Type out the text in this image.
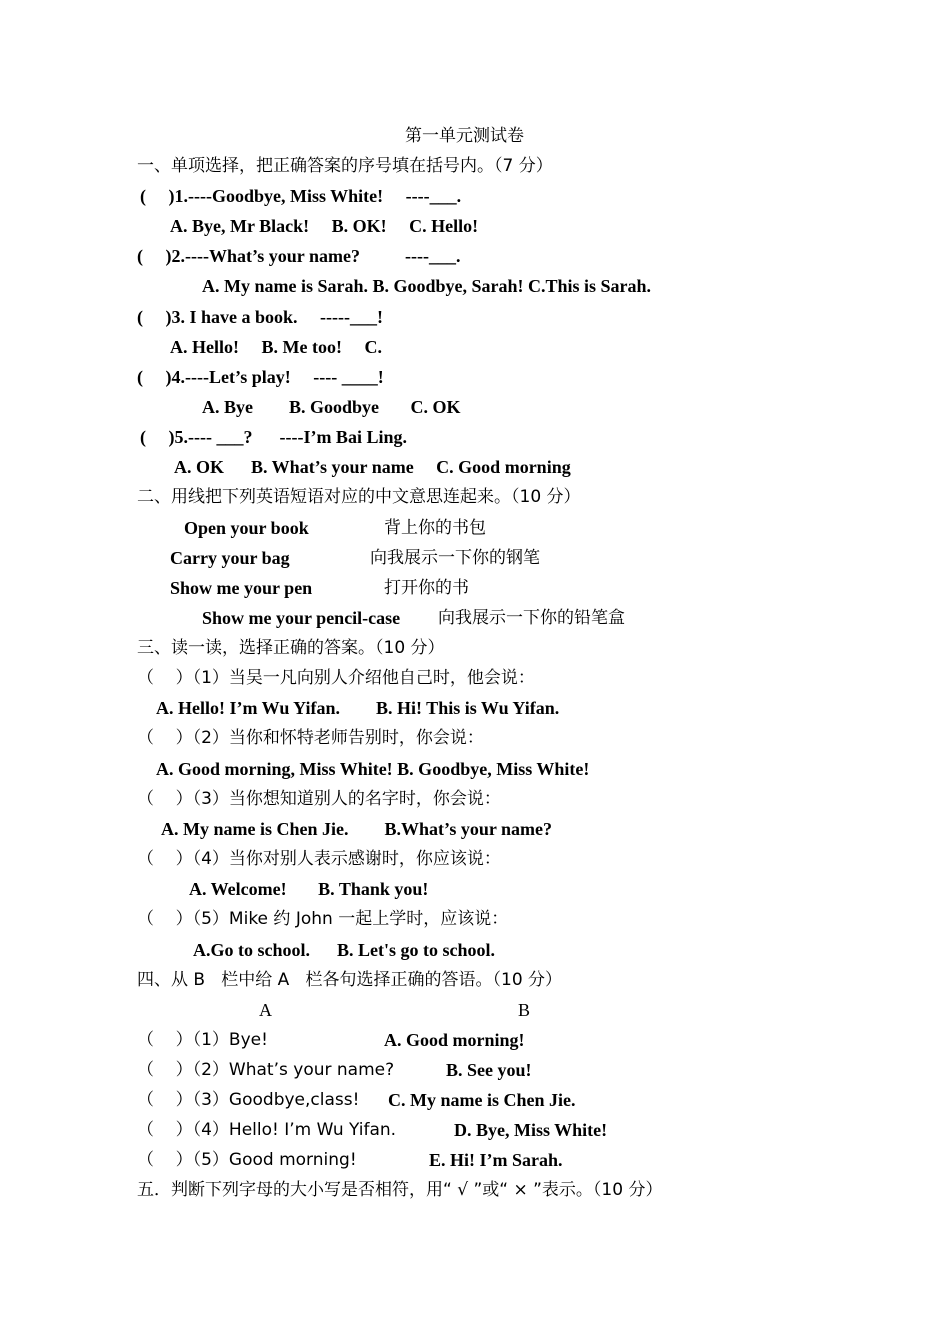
第一单元测试卷
一、单项选择，把正确答案的序号填在括号内。（7 分）
(     )1.----Goodbye, Miss White!     ----___.
A. Bye, Mr Black!     B. OK!     C. Hello!
(     )2.----What’s your name?          ----___.
A. My name is Sarah. B. Goodbye, Sarah! C.This is Sarah.
(     )3. I have a book.     -----___!
A. Hello!     B. Me too!     C.
(     )4.----Let’s play!     ---- ____!
A. Bye        B. Goodbye       C. OK
(     )5.---- ___?      ----I’m Bai Ling.
A. OK      B. What’s your name     C. Good morning
二、用线把下列英语短语对应的中文意思连起来。（10 分）
Open your book	背上你的书包
Carry your bag	向我展示一下你的钢笔
Show me your pen	打开你的书
Show me your pencil-case 向我展示一下你的铅笔盒
三、读一读，选择正确的答案。（10 分）
（    ）（1）当吴一凡向别人介绍他自己时，他会说：
A. Hello! I’m Wu Yifan.        B. Hi! This is Wu Yifan.
（    ）（2）当你和怀特老师告别时，你会说：
A. Good morning, Miss White! B. Goodbye, Miss White!
（    ）（3）当你想知道别人的名字时，你会说：
A. My name is Chen Jie.        B.What’s your name?
（    ）（4）当你对别人表示感谢时，你应该说：
A. Welcome!       B. Thank you!
（    ）（5）Mike 约 John 一起上学时，应该说：
A.Go to school.      B. Let's go to school.
四、从 B   栏中给 A   栏各句选择正确的答语。（10 分）
A	B
（    ）（1）Bye!	A. Good morning!
（    ）（2）What’s your name?	B. See you!
（    ）（3）Goodbye,class! C. My name is Chen Jie.
（    ）（4）Hello! I’m Wu Yifan.	D. Bye, Miss White!
（    ）（5）Good morning!	E. Hi! I’m Sarah.
五．判断下列字母的大小写是否相符，用“ √ ”或“ × ”表示。（10 分）
